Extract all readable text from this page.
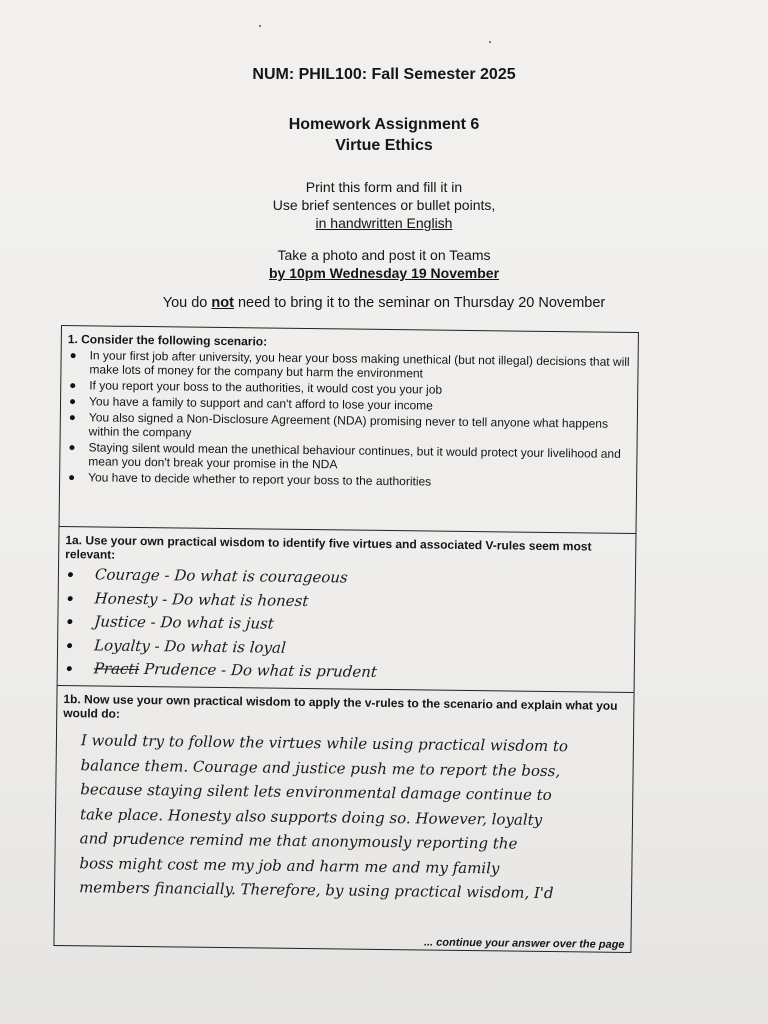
NUM: PHIL100: Fall Semester 2025
Homework Assignment 6
Virtue Ethics
Print this form and fill it in
Use brief sentences or bullet points,
in handwritten English
Take a photo and post it on Teams
by 10pm Wednesday 19 November
You do not need to bring it to the seminar on Thursday 20 November
1. Consider the following scenario:
In your first job after university, you hear your boss making unethical (but not illegal) decisions that will make lots of money for the company but harm the environment
If you report your boss to the authorities, it would cost you your job
You have a family to support and can't afford to lose your income
You also signed a Non-Disclosure Agreement (NDA) promising never to tell anyone what happens within the company
Staying silent would mean the unethical behaviour continues, but it would protect your livelihood and mean you don't break your promise in the NDA
You have to decide whether to report your boss to the authorities
1a. Use your own practical wisdom to identify five virtues and associated V-rules seem most relevant:
Courage - Do what is courageous
Honesty - Do what is honest
Justice - Do what is just
Loyalty - Do what is loyal
Practi Prudence - Do what is prudent
1b. Now use your own practical wisdom to apply the v-rules to the scenario and explain what you would do:
I would try to follow the virtues while using practical wisdom to
balance them. Courage and justice push me to report the boss,
because staying silent lets environmental damage continue to
take place. Honesty also supports doing so. However, loyalty
and prudence remind me that anonymously reporting the
boss might cost me my job and harm me and my family
members financially. Therefore, by using practical wisdom, I'd
... continue your answer over the page
